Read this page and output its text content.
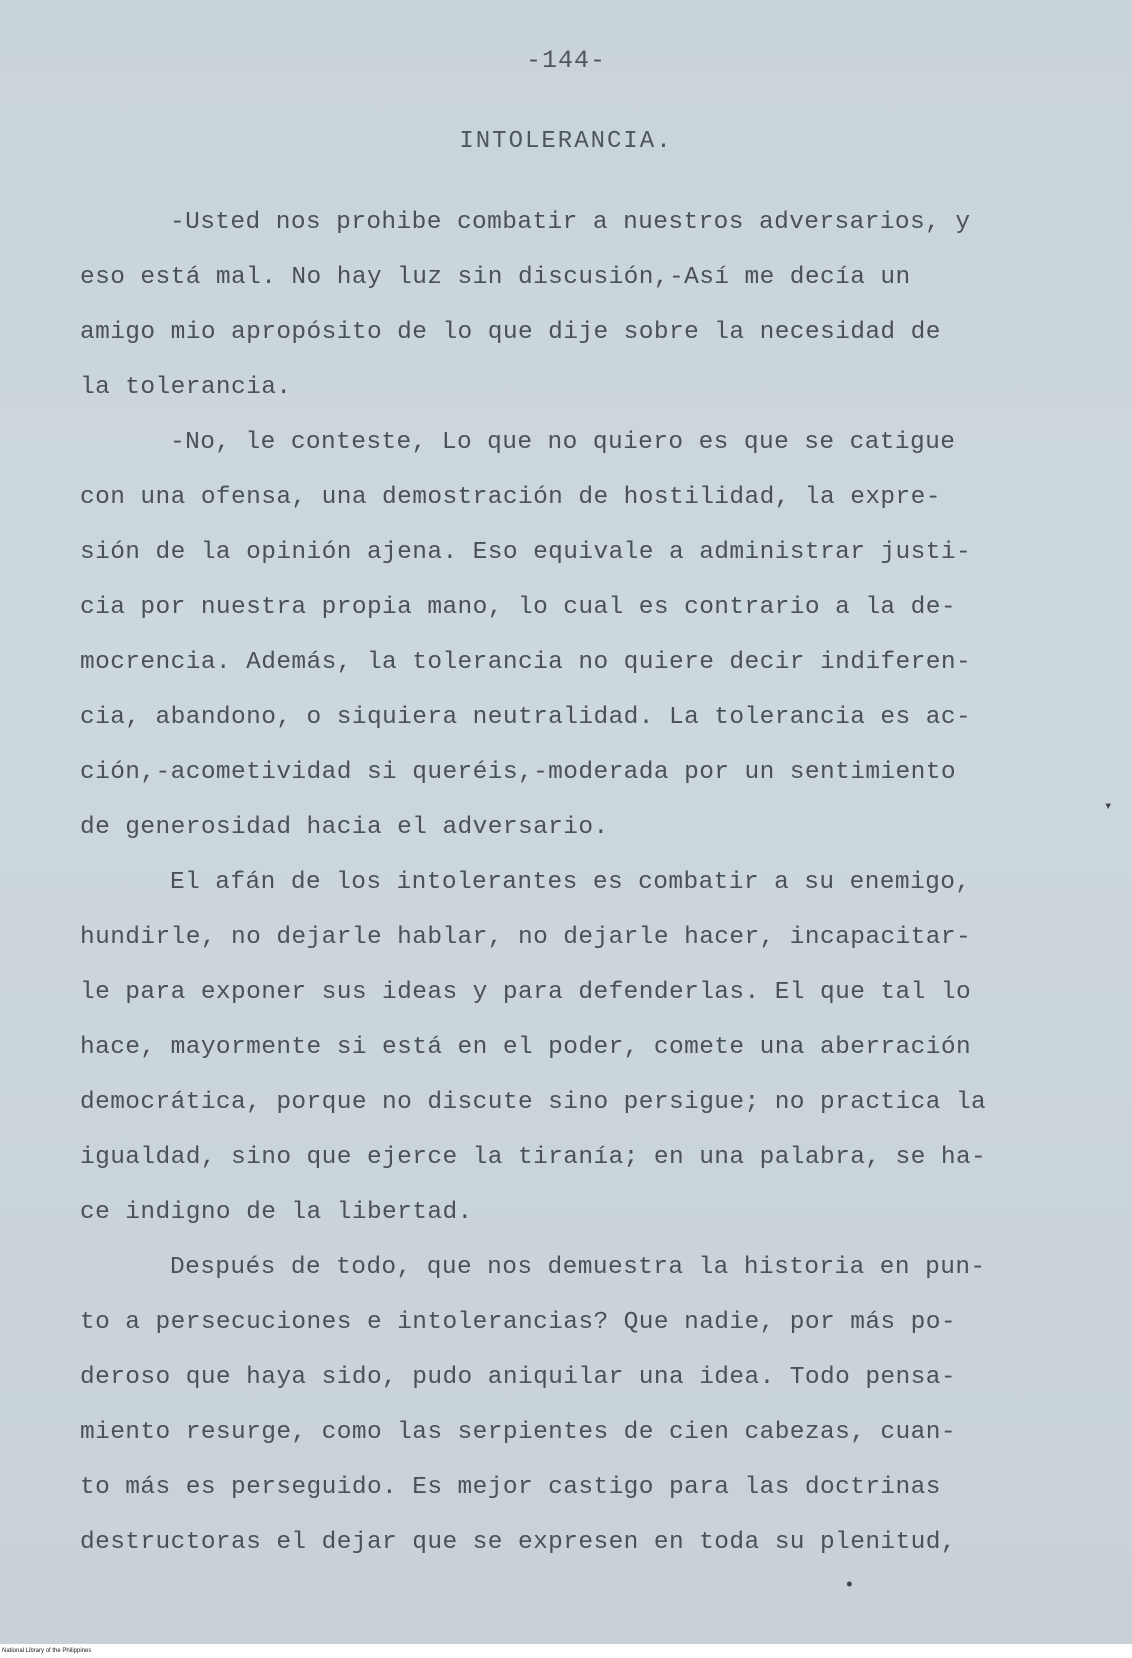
-144-
INTOLERANCIA.
-Usted nos prohibe combatir a nuestros adversarios, y
eso está mal. No hay luz sin discusión,-Así me decía un
amigo mio apropósito de lo que dije sobre la necesidad de
la tolerancia.
-No, le conteste, Lo que no quiero es que se catigue
con una ofensa, una demostración de hostilidad, la expre-
sión de la opinión ajena. Eso equivale a administrar justi-
cia por nuestra propia mano, lo cual es contrario a la de-
mocrencia. Además, la tolerancia no quiere decir indiferen-
cia, abandono, o siquiera neutralidad. La tolerancia es ac-
ción,-acometividad si queréis,-moderada por un sentimiento
de generosidad hacia el adversario.
El afán de los intolerantes es combatir a su enemigo,
hundirle, no dejarle hablar, no dejarle hacer, incapacitar-
le para exponer sus ideas y para defenderlas. El que tal lo
hace, mayormente si está en el poder, comete una aberración
democrática, porque no discute sino persigue; no practica la
igualdad, sino que ejerce la tiranía; en una palabra, se ha-
ce indigno de la libertad.
Después de todo, que nos demuestra la historia en pun-
to a persecuciones e intolerancias? Que nadie, por más po-
deroso que haya sido, pudo aniquilar una idea. Todo pensa-
miento resurge, como las serpientes de cien cabezas, cuan-
to más es perseguido. Es mejor castigo para las doctrinas
destructoras el dejar que se expresen en toda su plenitud,
▾
•
National Library of the Philippines
